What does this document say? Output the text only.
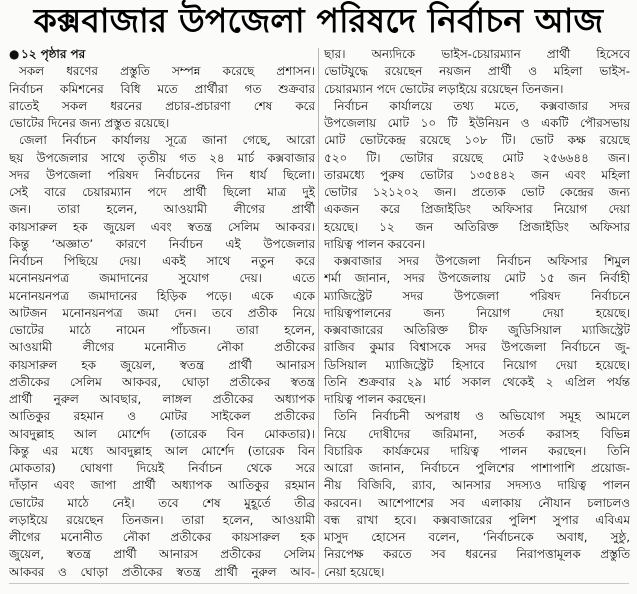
কক্সবাজার উপজেলা পরিষদে নির্বাচন আজ
● ১২ পৃষ্ঠার পর
সকল ধরণের প্রস্তুতি সম্পন্ন করেছে প্রশাসন।
নির্বাচন কমিশনের বিধি মতে প্রার্থীরা গত শুক্রবার
রাতেই সকল ধরনের প্রচার-প্রচারণা শেষ করে
ভোটের দিনের জন্য প্রস্তুত রয়েছে।
জেলা নির্বাচন কার্যালয় সূত্রে জানা গেছে, আরো
ছয় উপজেলার সাথে তৃতীয় গত ২৪ মার্চ কক্সবাজার
সদর উপজেলা পরিষদ নির্বাচনের দিন ধার্য ছিলো।
সেই বারে চেয়ারম্যান পদে প্রার্থী ছিলো মাত্র দুই
জন। তারা হলেন, আওয়ামী লীগের প্রার্থী
কায়সারুল হক জুয়েল এবং স্বতন্ত্র সেলিম আকবর।
কিন্তু ‘অজ্ঞাত’ কারণে নির্বাচন এই উপজেলার
নির্বাচন পিছিয়ে দেয়। একই সাথে নতুন করে
মনোনয়নপত্র জমাদানের সুযোগ দেয়। এতে
মনোনয়নপত্র জমাদানের হিড়িক পড়ে। একে একে
আটজন মনোনয়নপত্র জমা দেন। তবে প্রতীক নিয়ে
ভোটের মাঠে নামেন পাঁচজন। তারা হলেন,
আওয়ামী লীগের মনোনীত নৌকা প্রতীকের
কায়সারুল হক জুয়েল, স্বতন্ত্র প্রার্থী আনারস
প্রতীকের সেলিম আকবর, ঘোড়া প্রতীকের স্বতন্ত্র
প্রার্থী নুরুল আবছার, লাঙ্গল প্রতীকের অধ্যাপক
আতিকুর রহমান ও মোটর সাইকেল প্রতীকের
আবদুল্লাহ আল মোর্শেদ (তারেক বিন মোকতার)।
কিন্তু এর মধ্যে আবদুল্লাহ আল মোর্শেদ (তারেক বিন
মোকতার) ঘোষণা দিয়েই নির্বাচন থেকে সরে
দাঁড়ান এবং জাপা প্রার্থী অধ্যাপক আতিকুর রহমান
ভোটের মাঠে নেই। তবে শেষ মুহূর্তে তীব্র
লড়াইয়ে রয়েছেন তিনজন। তারা হলেন, আওয়ামী
লীগের মনোনীত নৌকা প্রতীকের কায়সারুল হক
জুয়েল, স্বতন্ত্র প্রার্থী আনারস প্রতীকের সেলিম
আকবর ও ঘোড়া প্রতীকের স্বতন্ত্র প্রার্থী নুরুল আব-
ছার। অন্যদিকে ভাইস-চেয়ারম্যান প্রার্থী হিসেবে
ভোটযুদ্ধে রয়েছেন নয়জন প্রার্থী ও মহিলা ভাইস-
চেয়ারম্যান পদে ভোটের লড়াইয়ে রয়েছেন তিনজন।
নির্বাচন কার্যালয়ে তথ্য মতে, কক্সবাজার সদর
উপজেলায় মোট ১০ টি ইউনিয়ন ও একটি পৌরসভায়
মোট ভোটকেন্দ্র রয়েছে ১০৮ টি। ভোট কক্ষ রয়েছে
৫২০ টি। ভোটার রয়েছে মোট ২৫৬৬৪৪ জন।
তারমধ্যে পুরুষ ভোটার ১৩৫৪৪২ জন এবং মহিলা
ভোটার ১২১২০২ জন। প্রত্যেক ভোট কেন্দ্রের জন্য
একজন করে প্রিজাইডিং অফিসার নিয়োগ দেয়া
হয়েছে। ১২ জন অতিরিক্ত প্রিজাইডিং অফিসার
দায়িত্ব পালন করবেন।
কক্সবাজার সদর উপজেলা নির্বাচন অফিসার শিমুল
শর্মা জানান, সদর উপজেলায় মোট ১৫ জন নির্বাহী
ম্যাজিস্ট্রেট সদর উপজেলা পরিষদ নির্বাচনে
দায়িত্বপালনের জন্য নিয়োগ দেয়া হয়েছে।
কক্সবাজারের অতিরিক্ত চীফ জুডিসিয়াল ম্যাজিস্ট্রেট
রাজিব কুমার বিশ্বাসকে সদর উপজেলা নির্বাচনে জু-
ডিসিয়াল ম্যাজিস্ট্রেট হিসাবে নিয়োগ দেয়া হয়েছে।
তিনি শুক্রবার ২৯ মার্চ সকাল থেকেই ২ এপ্রিল পর্যন্ত
দায়িত্ব পালন করছেন।
তিনি নির্বাচনী অপরাধ ও অভিযোগ সমূহ আমলে
নিয়ে দোষীদের জরিমানা, সতর্ক করাসহ বিভিন্ন
বিচারিক কার্যক্রমের দায়িত্ব পালন করছেন। তিনি
আরো জানান, নির্বাচনে পুলিশের পাশাপাশি প্রয়োজ-
নীয় বিজিবি, র‌্যাব, আনসার সদস্যও দায়িত্ব পালন
করবেন। আশেপাশের সব এলাকায় নৌযান চলাচলও
বন্ধ রাখা হবে। কক্সবাজারের পুলিশ সুপার এবিএম
মাসুদ হোসেন বলেন, ‘নির্বাচনকে অবাধ, সুষ্ঠু,
নিরপেক্ষ করতে সব ধরনের নিরাপত্তামূলক প্রস্তুতি
নেয়া হয়েছে।
